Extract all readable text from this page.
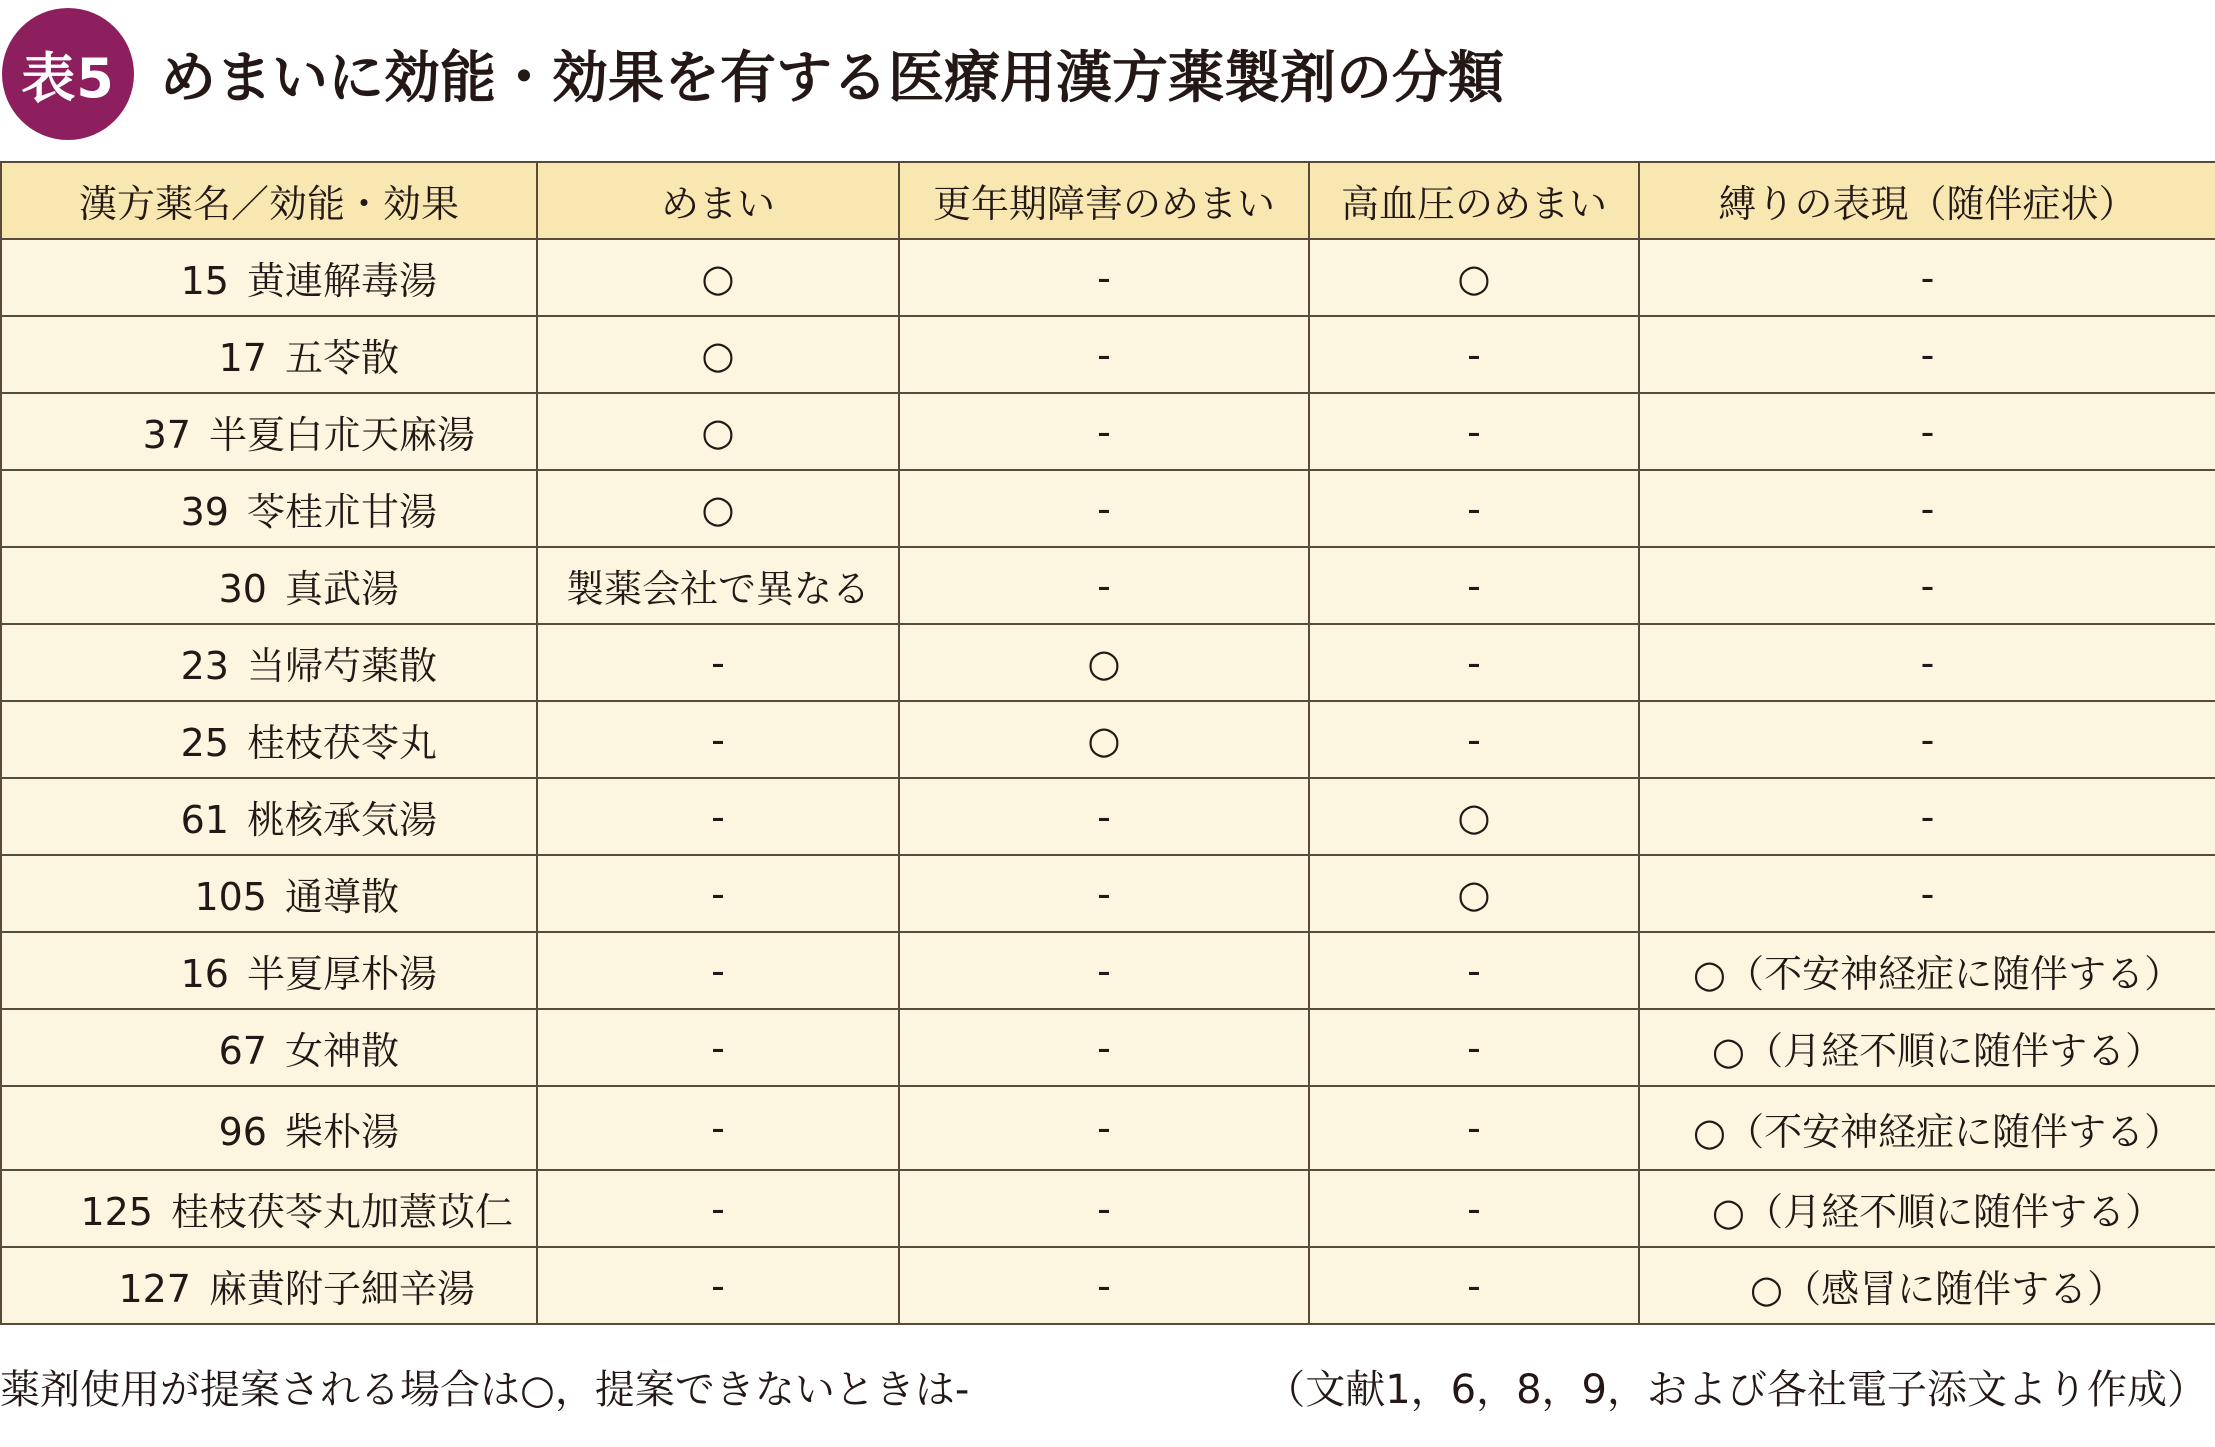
表5 めまいに効能・効果を有する医療用漢方薬製剤の分類
漢方薬名／効能・効果	めまい	更年期障害のめまい	高血圧のめまい	縛りの表現（随伴症状）
15 黄連解毒湯	○	-	○	-
17 五苓散	○	-	-	-
37 半夏白朮天麻湯	○	-	-	-
39 苓桂朮甘湯	○	-	-	-
30 真武湯	製薬会社で異なる	-	-	-
23 当帰芍薬散	-	○	-	-
25 桂枝茯苓丸	-	○	-	-
61 桃核承気湯	-	-	○	-
105 通導散	-	-	○	-
16 半夏厚朴湯	-	-	-	○（不安神経症に随伴する）
67 女神散	-	-	-	○（月経不順に随伴する）
96 柴朴湯	-	-	-	○（不安神経症に随伴する）
125 桂枝茯苓丸加薏苡仁	-	-	-	○（月経不順に随伴する）
127 麻黄附子細辛湯	-	-	-	○（感冒に随伴する）
薬剤使用が提案される場合は○，提案できないときは-	（文献1，6，8，9，および各社電子添文より作成）
